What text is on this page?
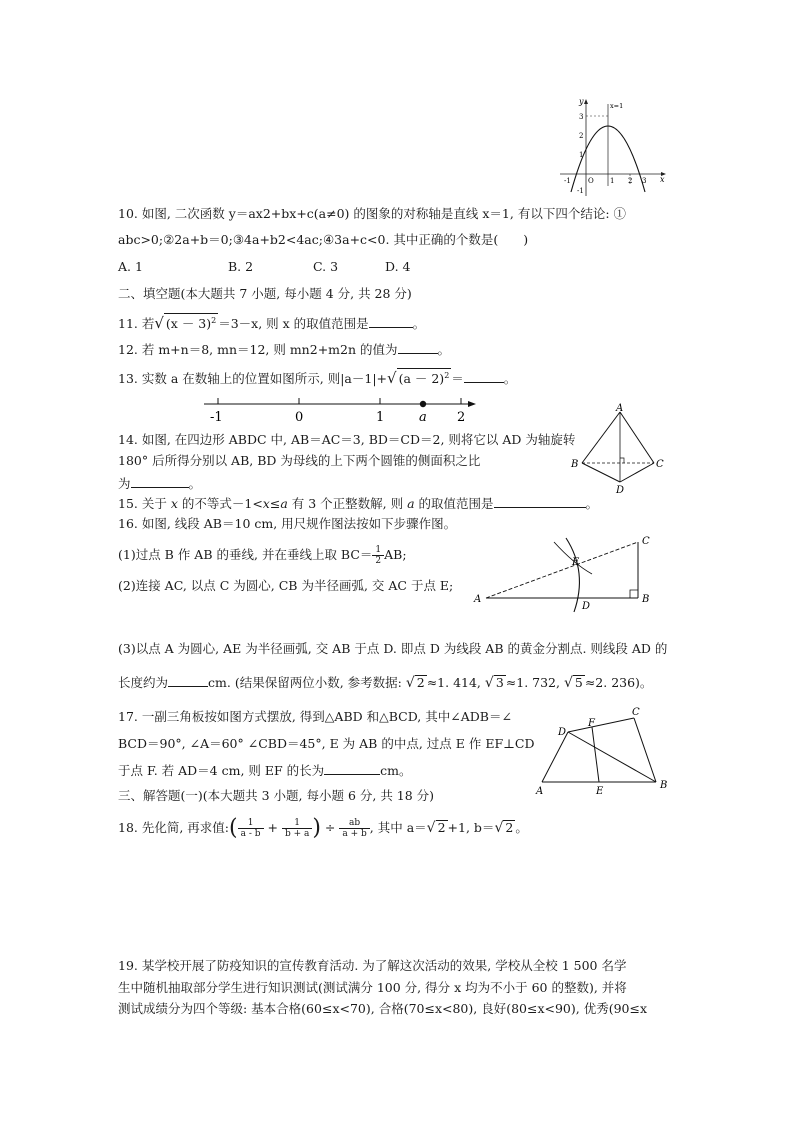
y
x
x=1
3
2
1
-1
-1 O 1 2 3
10. 如图, 二次函数 y＝ax2+bx+c(a≠0) 的图象的对称轴是直线 x＝1, 有以下四个结论: ①
abc>0;②2a+b＝0;③4a+b2<4ac;④3a+c<0. 其中正确的个数是(　　)
A. 1	B. 2	C. 3	D. 4
二、填空题(本大题共 7 小题, 每小题 4 分, 共 28 分)
11. 若√ $(x - 3)^2 =3-x$, 则 x 的取值范围是	。
12. 若 m+n＝8, mn＝12, 则 mn2+m2n 的值为	。
13. 实数 a 在数轴上的位置如图所示, 则|a－1|+√ $(a - 2)^2$ ＝	。
-1	0	1	2
a
A
B	C
D
14. 如图, 在四边形 ABDC 中, AB＝AC＝3, BD＝CD＝2, 则将它以 AD 为轴旋转
180° 后所得分别以 AB, BD 为母线的上下两个圆锥的侧面积之比
为	。
15. 关于 x 的不等式－1<x≤a 有 3 个正整数解, 则 a 的取值范围是	。
16. 如图, 线段 AB＝10 cm, 用尺规作图法按如下步骤作图。
(1)过点 B 作 AB 的垂线, 并在垂线上取 $BC= \frac{1}{2}$ AB;
(2)连接 AC, 以点 C 为圆心, CB 为半径画弧, 交 AC 于点 E;
A	B
C
D
E
(3)以点 A 为圆心, AE 为半径画弧, 交 AB 于点 D. 即点 D 为线段 AB 的黄金分割点. 则线段 AD 的
长度约为	cm. (结果保留两位小数, 参考数据: √ 2 ≈1. 414, √ 3 ≈1. 732, √ 5 ≈2. 236)。
17. 一副三角板按如图方式摆放, 得到△ABD 和△BCD, 其中∠ADB＝∠
BCD＝90°, ∠A＝60° ∠CBD＝45°, E 为 AB 的中点, 过点 E 作 EF⊥CD
于点 F. 若 AD＝4 cm, 则 EF 的长为	cm。
A
B
C
D
E
F
三、解答题(一)(本大题共 3 小题, 每小题 6 分, 共 18 分)
18. 先化简, 再求值:( $\frac{1}{a - b} + \frac{1}{b + a}$ ) ÷ $\frac{ab}{a + b}$ , 其中 a＝√ 2 +1, b＝√ 2 。
19. 某学校开展了防疫知识的宣传教育活动. 为了解这次活动的效果, 学校从全校 1 500 名学
生中随机抽取部分学生进行知识测试(测试满分 100 分, 得分 x 均为不小于 60 的整数), 并将
测试成绩分为四个等级: 基本合格(60≤x<70), 合格(70≤x<80), 良好(80≤x<90), 优秀(90≤x
